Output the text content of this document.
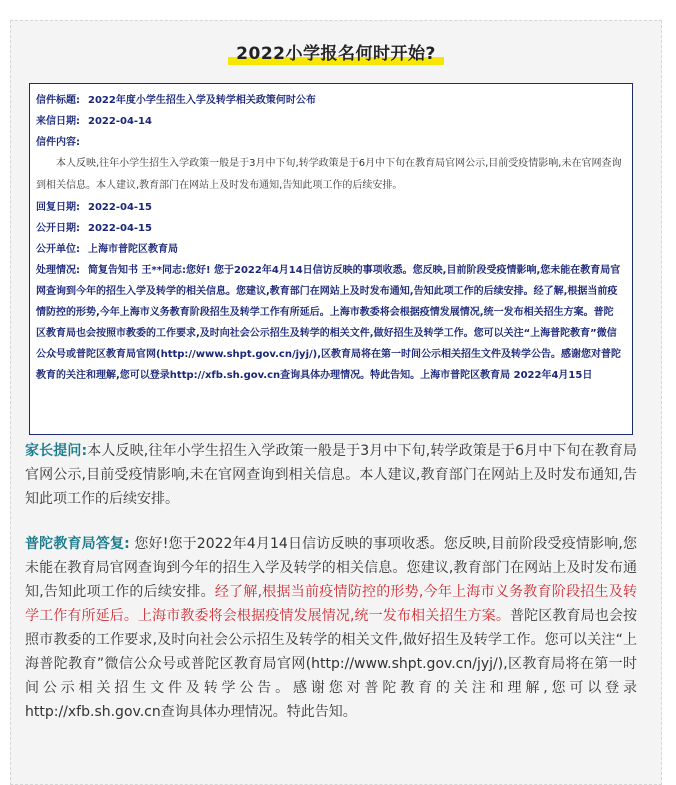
2022小学报名何时开始?
信件标题: 2022年度小学生招生入学及转学相关政策何时公布
来信日期: 2022-04-14
信件内容:
本人反映,往年小学生招生入学政策一般是于3月中下旬,转学政策是于6月中下旬在教育局官网公示,目前受疫情影响,未在官网查询到相关信息。本人建议,教育部门在网站上及时发布通知,告知此项工作的后续安排。
回复日期: 2022-04-15
公开日期: 2022-04-15
公开单位: 上海市普陀区教育局
处理情况: 简复告知书 王**同志:您好! 您于2022年4月14日信访反映的事项收悉。您反映,目前阶段受疫情影响,您未能在教育局官网查询到今年的招生入学及转学的相关信息。您建议,教育部门在网站上及时发布通知,告知此项工作的后续安排。经了解,根据当前疫情防控的形势,今年上海市义务教育阶段招生及转学工作有所延后。上海市教委将会根据疫情发展情况,统一发布相关招生方案。普陀区教育局也会按照市教委的工作要求,及时向社会公示招生及转学的相关文件,做好招生及转学工作。您可以关注“上海普陀教育”微信公众号或普陀区教育局官网(http://www.shpt.gov.cn/jyj/),区教育局将在第一时间公示相关招生文件及转学公告。感谢您对普陀教育的关注和理解,您可以登录http://xfb.sh.gov.cn查询具体办理情况。特此告知。上海市普陀区教育局 2022年4月15日

家长提问:本人反映,往年小学生招生入学政策一般是于3月中下旬,转学政策是于6月中下旬在教育局官网公示,目前受疫情影响,未在官网查询到相关信息。本人建议,教育部门在网站上及时发布通知,告知此项工作的后续安排。

普陀教育局答复: 您好!您于2022年4月14日信访反映的事项收悉。您反映,目前阶段受疫情影响,您未能在教育局官网查询到今年的招生入学及转学的相关信息。您建议,教育部门在网站上及时发布通知,告知此项工作的后续安排。经了解,根据当前疫情防控的形势,今年上海市义务教育阶段招生及转学工作有所延后。上海市教委将会根据疫情发展情况,统一发布相关招生方案。普陀区教育局也会按照市教委的工作要求,及时向社会公示招生及转学的相关文件,做好招生及转学工作。您可以关注“上海普陀教育”微信公众号或普陀区教育局官网(http://www.shpt.gov.cn/jyj/),区教育局将在第一时间公示相关招生文件及转学公告。感谢您对普陀教育的关注和理解,您可以登录http://xfb.sh.gov.cn查询具体办理情况。特此告知。
